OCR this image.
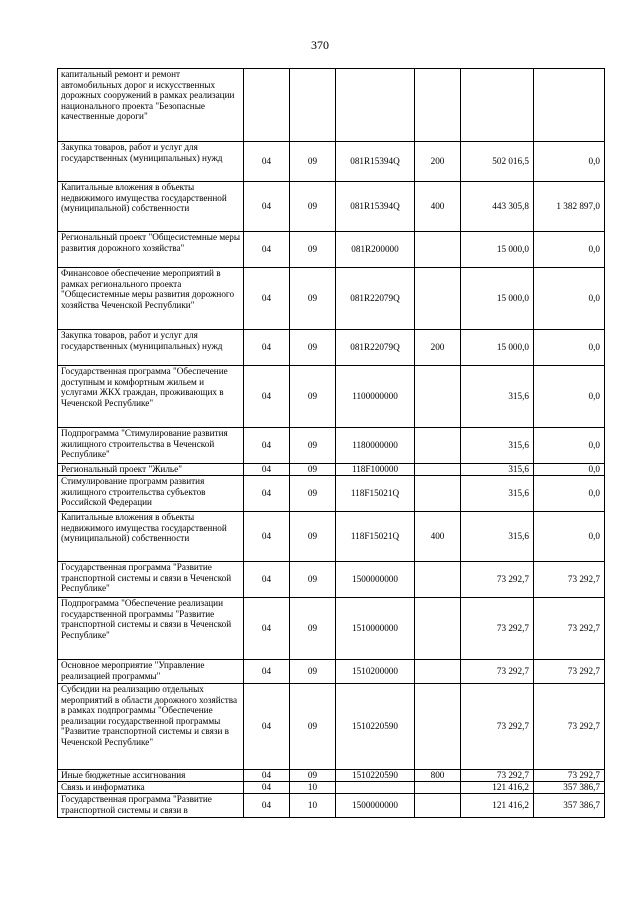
370
капитальный ремонт и ремонт автомобильных дорог и искусственных дорожных сооружений в рамках реализации национального проекта "Безопасные качественные дороги"						
Закупка товаров, работ и услуг для государственных (муниципальных) нужд	04	09	081R15394Q	200	502 016,5	0,0
Капитальные вложения в объекты недвижимого имущества государственной (муниципальной) собственности	04	09	081R15394Q	400	443 305,8	1 382 897,0
Региональный проект "Общесистемные меры развития дорожного хозяйства"	04	09	081R200000		15 000,0	0,0
Финансовое обеспечение мероприятий в рамках регионального проекта "Общесистемные меры развития дорожного хозяйства Чеченской Республики"	04	09	081R22079Q		15 000,0	0,0
Закупка товаров, работ и услуг для государственных (муниципальных) нужд	04	09	081R22079Q	200	15 000,0	0,0
Государственная программа "Обеспечение доступным и комфортным жильем и услугами ЖКХ граждан, проживающих в Чеченской Республике"	04	09	1100000000		315,6	0,0
Подпрограмма "Стимулирование развития жилищного строительства в Чеченской Республике"	04	09	1180000000		315,6	0,0
Региональный проект "Жилье"	04	09	118F100000		315,6	0,0
Стимулирование программ развития жилищного строительства субъектов Российской Федерации	04	09	118F15021Q		315,6	0,0
Капитальные вложения в объекты недвижимого имущества государственной (муниципальной) собственности	04	09	118F15021Q	400	315,6	0,0
Государственная программа "Развитие транспортной системы и связи в Чеченской Республике"	04	09	1500000000		73 292,7	73 292,7
Подпрограмма "Обеспечение реализации государственной программы "Развитие транспортной системы и связи в Чеченской Республике"	04	09	1510000000		73 292,7	73 292,7
Основное мероприятие "Управление реализацией программы"	04	09	1510200000		73 292,7	73 292,7
Субсидии на реализацию отдельных мероприятий в области дорожного хозяйства в рамках подпрограммы "Обеспечение реализации государственной программы "Развитие транспортной системы и связи в Чеченской Республике"	04	09	1510220590		73 292,7	73 292,7
Иные бюджетные ассигнования	04	09	1510220590	800	73 292,7	73 292,7
Связь и информатика	04	10			121 416,2	357 386,7
Государственная программа "Развитие транспортной системы и связи в	04	10	1500000000		121 416,2	357 386,7
